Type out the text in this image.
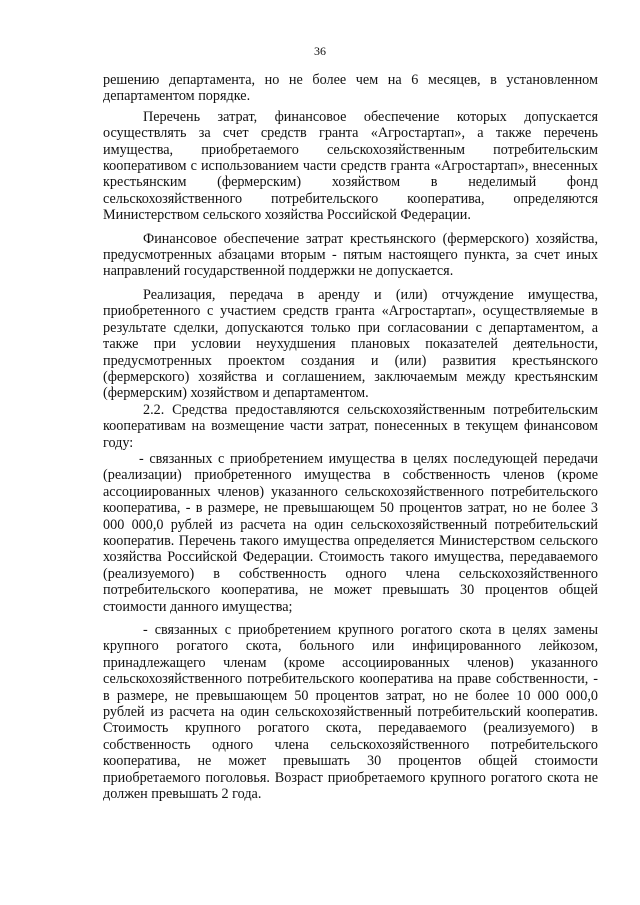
36

решению департамента, но не более чем на 6 месяцев, в установленном департаментом порядке.

Перечень затрат, финансовое обеспечение которых допускается осуществлять за счет средств гранта «Агростартап», а также перечень имущества, приобретаемого сельскохозяйственным потребительским кооперативом с использованием части средств гранта «Агростартап», внесенных крестьянским (фермерским) хозяйством в неделимый фонд сельскохозяйственного потребительского кооператива, определяются Министерством сельского хозяйства Российской Федерации.

Финансовое обеспечение затрат крестьянского (фермерского) хозяйства, предусмотренных абзацами вторым - пятым настоящего пункта, за счет иных направлений государственной поддержки не допускается.

Реализация, передача в аренду и (или) отчуждение имущества, приобретенного с участием средств гранта «Агростартап», осуществляемые в результате сделки, допускаются только при согласовании с департаментом, а также при условии неухудшения плановых показателей деятельности, предусмотренных проектом создания и (или) развития крестьянского (фермерского) хозяйства и соглашением, заключаемым между крестьянским (фермерским) хозяйством и департаментом.

2.2. Средства предоставляются сельскохозяйственным потребительским кооперативам на возмещение части затрат, понесенных в текущем финансовом году:

- связанных с приобретением имущества в целях последующей передачи (реализации) приобретенного имущества в собственность членов (кроме ассоциированных членов) указанного сельскохозяйственного потребительского кооператива, - в размере, не превышающем 50 процентов затрат, но не более 3 000 000,0 рублей из расчета на один сельскохозяйственный потребительский кооператив. Перечень такого имущества определяется Министерством сельского хозяйства Российской Федерации. Стоимость такого имущества, передаваемого (реализуемого) в собственность одного члена сельскохозяйственного потребительского кооператива, не может превышать 30 процентов общей стоимости данного имущества;

- связанных с приобретением крупного рогатого скота в целях замены крупного рогатого скота, больного или инфицированного лейкозом, принадлежащего членам (кроме ассоциированных членов) указанного сельскохозяйственного потребительского кооператива на праве собственности, - в размере, не превышающем 50 процентов затрат, но не более 10 000 000,0 рублей из расчета на один сельскохозяйственный потребительский кооператив. Стоимость крупного рогатого скота, передаваемого (реализуемого) в собственность одного члена сельскохозяйственного потребительского кооператива, не может превышать 30 процентов общей стоимости приобретаемого поголовья. Возраст приобретаемого крупного рогатого скота не должен превышать 2 года.
